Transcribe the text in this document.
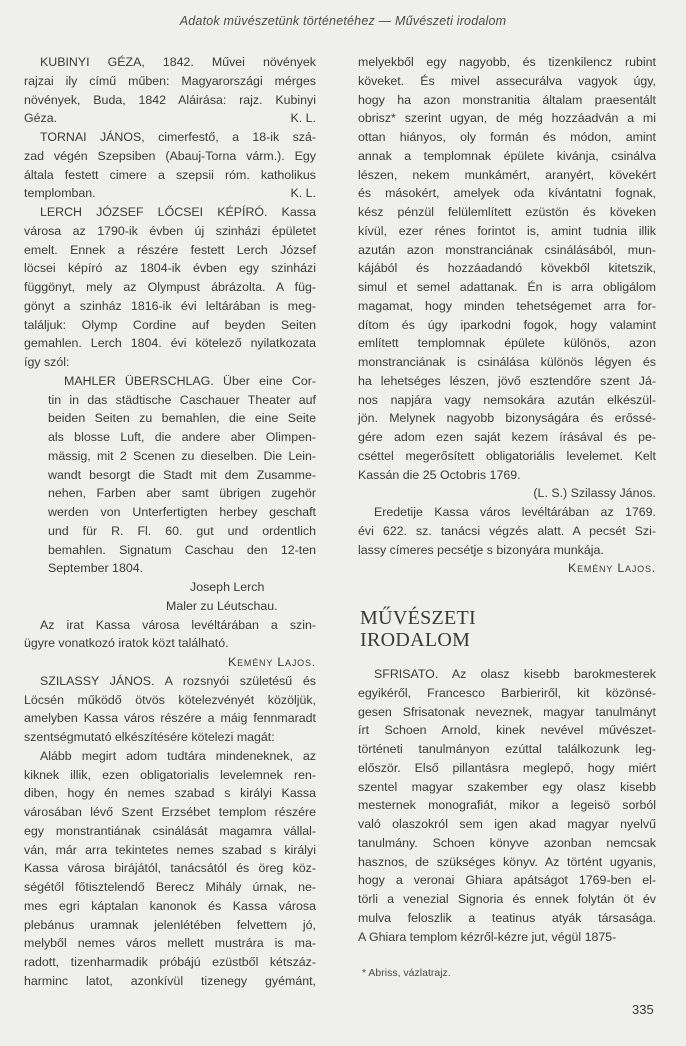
Adatok müvészetünk történetéhez — Művészeti irodalom
KUBINYI GÉZA, 1842. Művei növények
rajzai ily című műben: Magyarországi mérges
növények, Buda, 1842 Aláirása: rajz. Kubinyi
Géza.	K. L.
TORNAI JÁNOS, cimerfestő, a 18-ik szá-
zad végén Szepsiben (Abauj-Torna várm.). Egy
általa festett cimere a szepsii róm. katholikus
templomban.	K. L.
LERCH JÓZSEF LŐCSEI KÉPÍRÓ. Kassa
városa az 1790-ik évben új szinházi épületet
emelt. Ennek a részére festett Lerch József
löcsei képíró az 1804-ik évben egy szinházi
függönyt, mely az Olympust ábrázolta. A füg-
gönyt a szinház 1816-ik évi leltárában is meg-
találjuk: Olymp Cordine auf beyden Seiten
gemahlen. Lerch 1804. évi kötelező nyilatkozata
így szól:
MAHLER ÜBERSCHLAG. Über eine Cor-
tin in das städtische Caschauer Theater auf
beiden Seiten zu bemahlen, die eine Seite
als blosse Luft, die andere aber Olimpen-
mässig, mit 2 Scenen zu dieselben. Die Lein-
wandt besorgt die Stadt mit dem Zusamme-
nehen, Farben aber samt übrigen zugehör
werden von Unterfertigten herbey geschaft
und für R. Fl. 60. gut und ordentlich
bemahlen. Signatum Caschau den 12-ten
September 1804.
Joseph Lerch
Maler zu Léutschau.
Az irat Kassa városa levéltárában a szin-
ügyre vonatkozó iratok közt található.
Kemény Lajos.
SZILASSY JÁNOS. A rozsnyói születésű és
Löcsén működő ötvös kötelezvényét közöljük,
amelyben Kassa város részére a máig fennmaradt
szentségmutató elkészítésére kötelezi magát:
Alább megirt adom tudtára mindeneknek, az
kiknek illik, ezen obligatorialis levelemnek ren-
diben, hogy én nemes szabad s királyi Kassa
városában lévő Szent Erzsébet templom részére
egy monstrantiának csinálását magamra vállal-
ván, már arra tekintetes nemes szabad s királyi
Kassa városa birájától, tanácsától és öreg köz-
ségétől főtisztelendő Berecz Mihály úrnak, ne-
mes egri káptalan kanonok és Kassa városa
plebánus uramnak jelenlétében felvettem jó,
melyből nemes város mellett mustrára is ma-
radott, tizenharmadik próbájú ezüstből kétszáz-
harminc latot, azonkívül tizenegy gyémánt,
melyekből egy nagyobb, és tizenkilencz rubint
köveket. És mivel assecurálva vagyok úgy,
hogy ha azon monstranitia általam praesentált
obrisz* szerint ugyan, de még hozzáadván a mi
ottan hiányos, oly formán és módon, amint
annak a templomnak épülete kivánja, csinálva
lészen, nekem munkámért, aranyért, kövekért
és másokért, amelyek oda kívántatni fognak,
kész pénzül felülemlített ezüstön és köveken
kívül, ezer rénes forintot is, amint tudnia illik
azután azon monstranciának csinálásából, mun-
kájából és hozzáadandó kövekből kitetszik,
simul et semel adattanak. Én is arra obligálom
magamat, hogy minden tehetségemet arra for-
dítom és úgy iparkodni fogok, hogy valamint
említett templomnak épülete különös, azon
monstranciának is csinálása különös légyen és
ha lehetséges lészen, jövő esztendőre szent Já-
nos napjára vagy nemsokára azután elkészül-
jön. Melynek nagyobb bizonyságára és erőssé-
gére adom ezen saját kezem írásával és pe-
cséttel megerősített obligatoriális levelemet. Kelt
Kassán die 25 Octobris 1769.
(L. S.) Szilassy János.
Eredetije Kassa város levéltárában az 1769.
évi 622. sz. tanácsi végzés alatt. A pecsét Szi-
lassy címeres pecsétje s bizonyára munkája.
Kemény Lajos.
MŰVÉSZETI
IRODALOM
SFRISATO. Az olasz kisebb barokmesterek
egyikéről, Francesco Barbieriről, kit közönsé-
gesen Sfrisatonak neveznek, magyar tanulmányt
írt Schoen Arnold, kinek nevével művészet-
történeti tanulmányon ezúttal találkozunk leg-
először. Első pillantásra meglepő, hogy miért
szentel magyar szakember egy olasz kisebb
mesternek monografiát, mikor a legeisö sorból
való olaszokról sem igen akad magyar nyelvű
tanulmány. Schoen könyve azonban nemcsak
hasznos, de szükséges könyv. Az történt ugyanis,
hogy a veronai Ghiara apátságot 1769-ben el-
törli a venezial Signoria és ennek folytán öt év
mulva feloszlik a teatinus atyák társasága.
A Ghiara templom kézről-kézre jut, végül 1875-
* Abriss, vázlatrajz.
335
